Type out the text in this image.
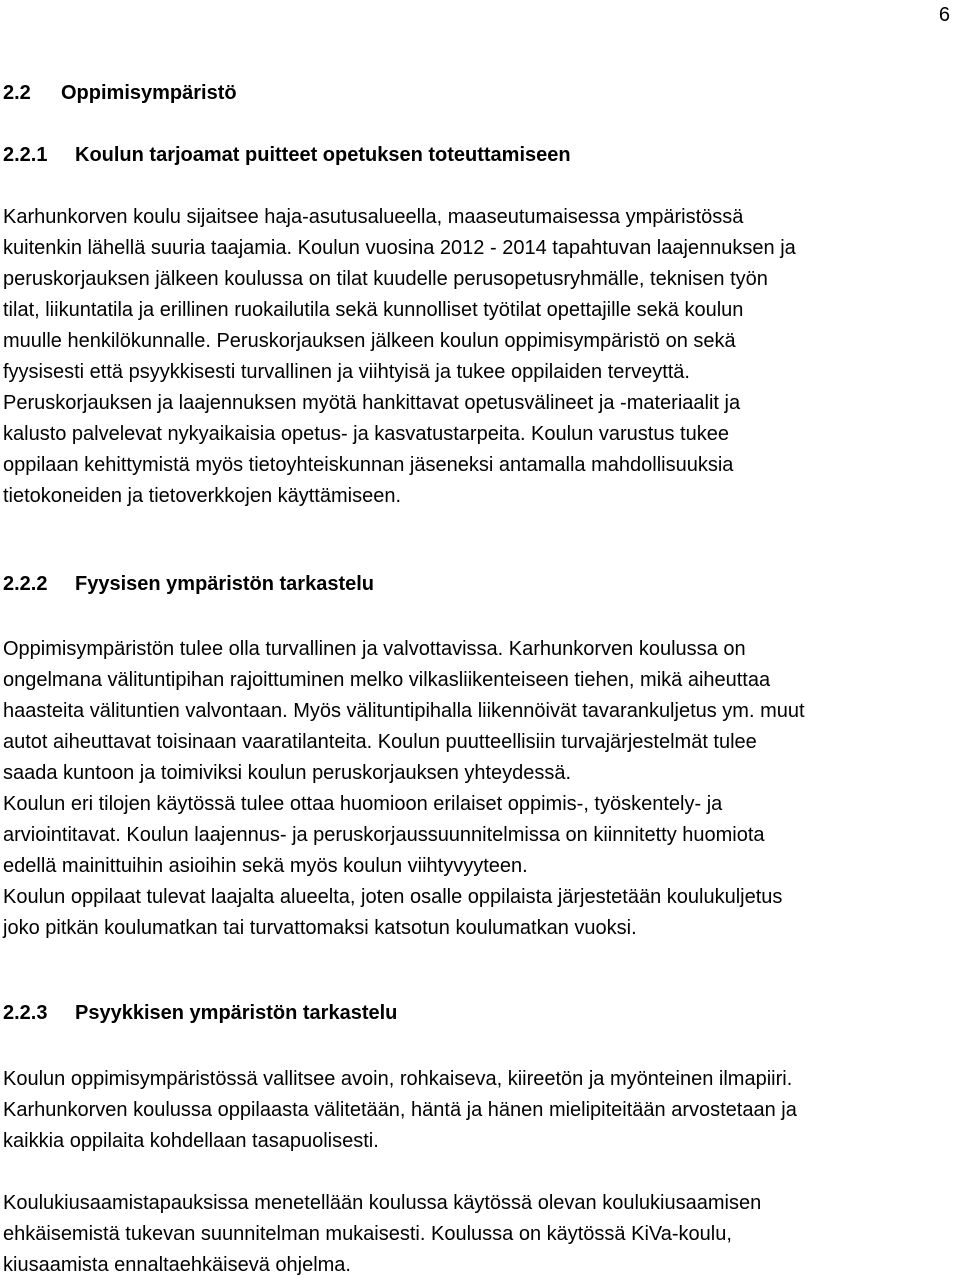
6
2.2 Oppimisympäristö
2.2.1 Koulun tarjoamat puitteet opetuksen toteuttamiseen
Karhunkorven koulu sijaitsee haja-asutusalueella, maaseutumaisessa ympäristössä
kuitenkin lähellä suuria taajamia. Koulun vuosina 2012 - 2014 tapahtuvan laajennuksen ja
peruskorjauksen jälkeen koulussa on tilat kuudelle perusopetusryhmälle, teknisen työn
tilat, liikuntatila ja erillinen ruokailutila sekä kunnolliset työtilat opettajille sekä koulun
muulle henkilökunnalle. Peruskorjauksen jälkeen koulun oppimisympäristö on sekä
fyysisesti että psyykkisesti turvallinen ja viihtyisä ja tukee oppilaiden terveyttä.
Peruskorjauksen ja laajennuksen myötä hankittavat opetusvälineet ja -materiaalit ja
kalusto palvelevat nykyaikaisia opetus- ja kasvatustarpeita. Koulun varustus tukee
oppilaan kehittymistä myös tietoyhteiskunnan jäseneksi antamalla mahdollisuuksia
tietokoneiden ja tietoverkkojen käyttämiseen.
2.2.2 Fyysisen ympäristön tarkastelu
Oppimisympäristön tulee olla turvallinen ja valvottavissa. Karhunkorven koulussa on
ongelmana välituntipihan rajoittuminen melko vilkasliikenteiseen tiehen, mikä aiheuttaa
haasteita välituntien valvontaan. Myös välituntipihalla liikennöivät tavarankuljetus ym. muut
autot aiheuttavat toisinaan vaaratilanteita. Koulun puutteellisiin turvajärjestelmät tulee
saada kuntoon ja toimiviksi koulun peruskorjauksen yhteydessä.
Koulun eri tilojen käytössä tulee ottaa huomioon erilaiset oppimis-, työskentely- ja
arviointitavat. Koulun laajennus- ja peruskorjaussuunnitelmissa on kiinnitetty huomiota
edellä mainittuihin asioihin sekä myös koulun viihtyvyyteen.
Koulun oppilaat tulevat laajalta alueelta, joten osalle oppilaista järjestetään koulukuljetus
joko pitkän koulumatkan tai turvattomaksi katsotun koulumatkan vuoksi.
2.2.3 Psyykkisen ympäristön tarkastelu
Koulun oppimisympäristössä vallitsee avoin, rohkaiseva, kiireetön ja myönteinen ilmapiiri.
Karhunkorven koulussa oppilaasta välitetään, häntä ja hänen mielipiteitään arvostetaan ja
kaikkia oppilaita kohdellaan tasapuolisesti.
Koulukiusaamistapauksissa menetellään koulussa käytössä olevan koulukiusaamisen
ehkäisemistä tukevan suunnitelman mukaisesti. Koulussa on käytössä KiVa-koulu,
kiusaamista ennaltaehkäisevä ohjelma.
